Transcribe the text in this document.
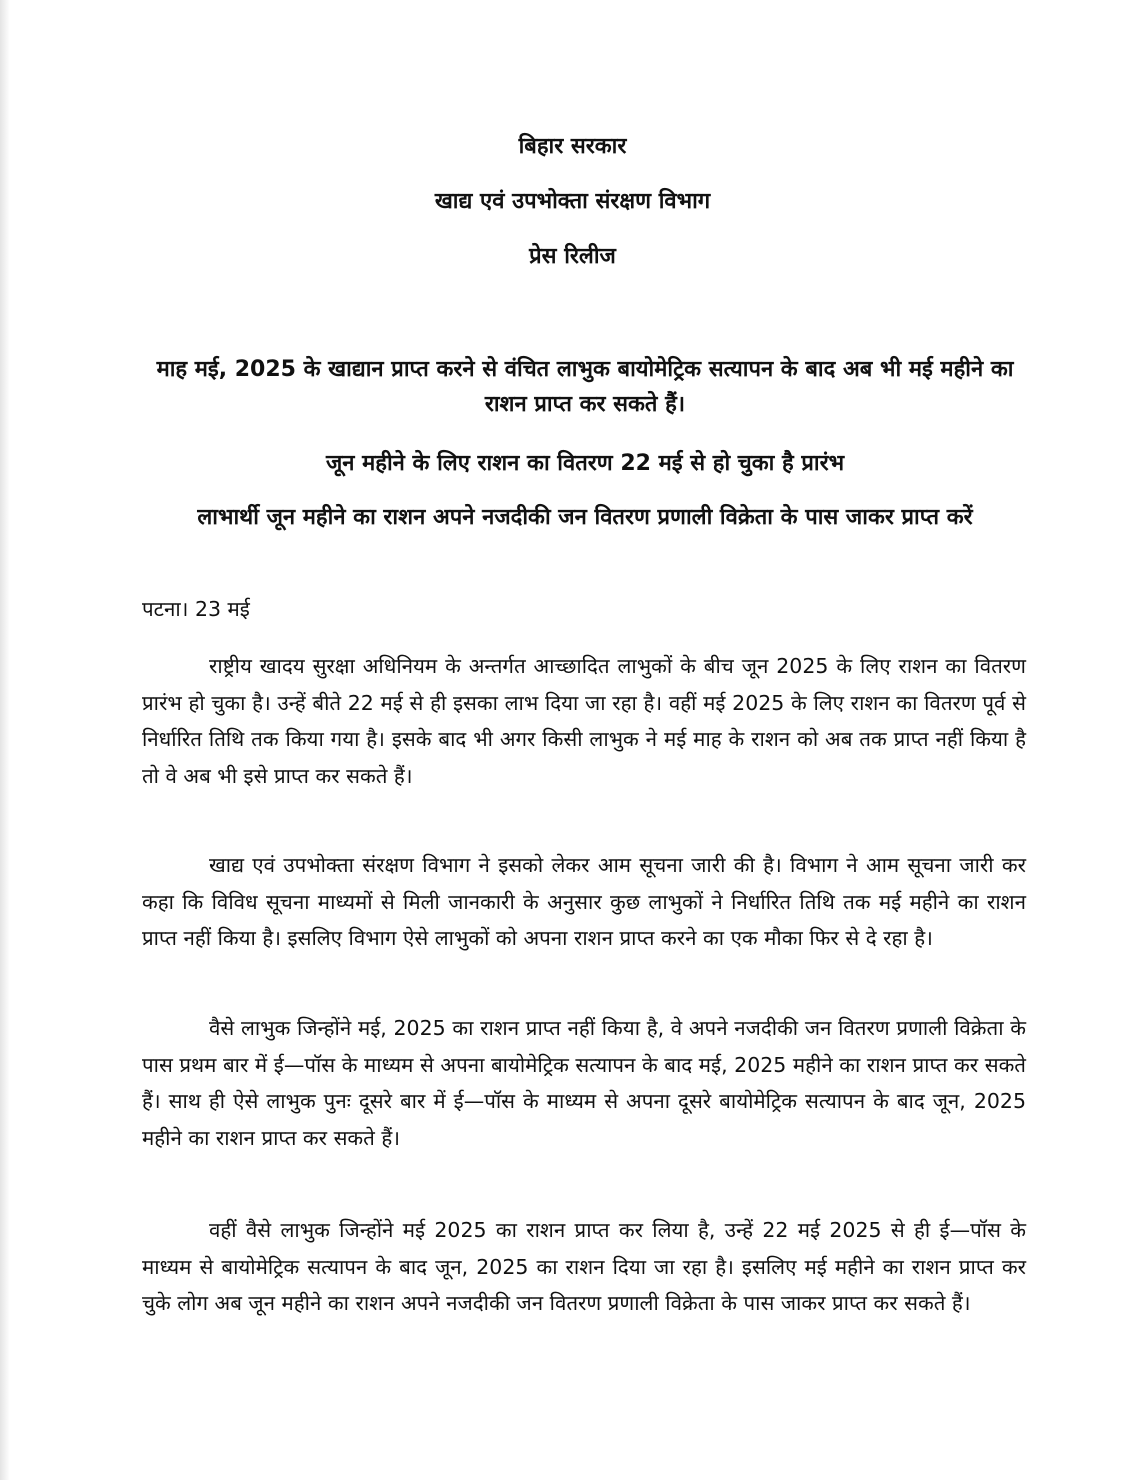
बिहार सरकार
खाद्य एवं उपभोक्ता संरक्षण विभाग
प्रेस रिलीज
माह मई, 2025 के खाद्यान प्राप्त करने से वंचित लाभुक बायोमेट्रिक सत्यापन के बाद अब भी मई महीने का राशन प्राप्त कर सकते हैं।
जून महीने के लिए राशन का वितरण 22 मई से हो चुका है प्रारंभ
लाभार्थी जून महीने का राशन अपने नजदीकी जन वितरण प्रणाली विक्रेता के पास जाकर प्राप्त करें
पटना। 23 मई

राष्ट्रीय खादय सुरक्षा अधिनियम के अन्तर्गत आच्छादित लाभुकों के बीच जून 2025 के लिए राशन का वितरण प्रारंभ हो चुका है। उन्हें बीते 22 मई से ही इसका लाभ दिया जा रहा है। वहीं मई 2025 के लिए राशन का वितरण पूर्व से निर्धारित तिथि तक किया गया है। इसके बाद भी अगर किसी लाभुक ने मई माह के राशन को अब तक प्राप्त नहीं किया है तो वे अब भी इसे प्राप्त कर सकते हैं।

खाद्य एवं उपभोक्ता संरक्षण विभाग ने इसको लेकर आम सूचना जारी की है। विभाग ने आम सूचना जारी कर कहा कि विविध सूचना माध्यमों से मिली जानकारी के अनुसार कुछ लाभुकों ने निर्धारित तिथि तक मई महीने का राशन प्राप्त नहीं किया है। इसलिए विभाग ऐसे लाभुकों को अपना राशन प्राप्त करने का एक मौका फिर से दे रहा है।

वैसे लाभुक जिन्होंने मई, 2025 का राशन प्राप्त नहीं किया है, वे अपने नजदीकी जन वितरण प्रणाली विक्रेता के पास प्रथम बार में ई—पॉस के माध्यम से अपना बायोमेट्रिक सत्यापन के बाद मई, 2025 महीने का राशन प्राप्त कर सकते हैं। साथ ही ऐसे लाभुक पुनः दूसरे बार में ई—पॉस के माध्यम से अपना दूसरे बायोमेट्रिक सत्यापन के बाद जून, 2025 महीने का राशन प्राप्त कर सकते हैं।

वहीं वैसे लाभुक जिन्होंने मई 2025 का राशन प्राप्त कर लिया है, उन्हें 22 मई 2025 से ही ई—पॉस के माध्यम से बायोमेट्रिक सत्यापन के बाद जून, 2025 का राशन दिया जा रहा है। इसलिए मई महीने का राशन प्राप्त कर चुके लोग अब जून महीने का राशन अपने नजदीकी जन वितरण प्रणाली विक्रेता के पास जाकर प्राप्त कर सकते हैं।
